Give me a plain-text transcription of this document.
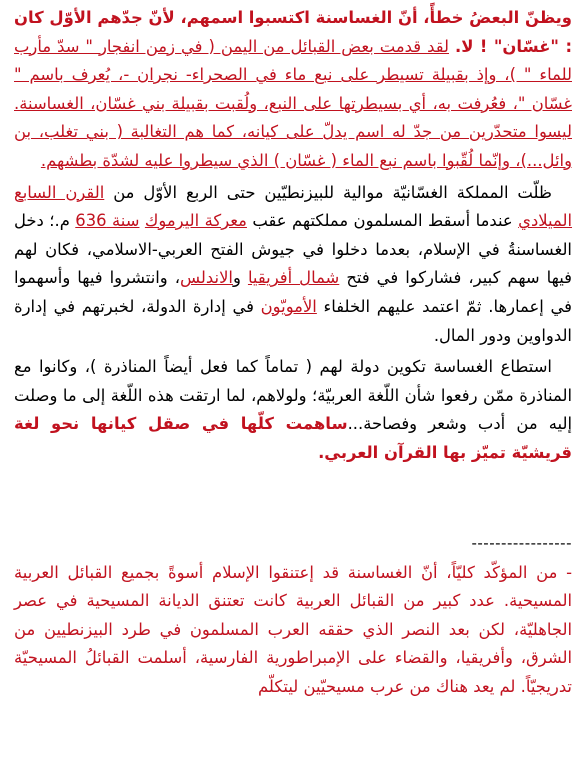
ويظنّ البعضُ خطأً، أنّ الغساسنة اكتسبوا اسمهم، لأنّ جدّهم الأوّل كان : "غسّان" ! لا. لقد قدمت بعض القبائل من اليمن ( في زمن انفجار " سدّ مأرب للماء " )، وإذ بقبيلة تسيطر على نبع ماء في الصحراء- نجران -، يُعرف باسم " غسّان "، فعُرفت به، أي بسيطرتها على النبع، ولُقبت بقبيلة بني غسّان، الغساسنة. ليسوا متحدّرين من جدّ له اسم يدلّ على كيانه، كما هم التغالبة ( بني تغلب، بن وائل...)، وإنّما لُقّبوا باسم نبع الماء ( غسّان ) الذي سيطروا عليه لشدّة بطشهم.

ظلّت المملكة الغسّانيّة موالية للبيزنطيّين حتى الربع الأوّل من القرن السابع الميلادي عندما أسقط المسلمون مملكتهم عقب معركة اليرموك سنة 636 م.؛ دخل الغساسنةُ في الإسلام، بعدما دخلوا في جيوش الفتح العربي-الاسلامي، فكان لهم فيها سهم كبير، فشاركوا في فتح شمال أفريقيا والاندلس، وانتشروا فيها وأسهموا في إعمارها. ثمّ اعتمد عليهم الخلفاء الأمويّون في إدارة الدولة، لخبرتهم في إدارة الدواوين ودور المال.

استطاع الغساسة تكوين دولة لهم ( تماماً كما فعل أيضاً المناذرة )، وكانوا مع المناذرة ممّن رفعوا شأن اللّغة العربيّة؛ ولولاهم، لما ارتقت هذه اللّغة إلى ما وصلت إليه من أدب وشعر وفصاحة...ساهمت كلّها في صقل كيانها نحو لغة قريشيّة تميّز بها القرآن العربي.

-----------------

- من المؤكّد كليّاً، أنّ الغساسنة قد إعتنقوا الإسلام أسوةً بجميع القبائل العربية المسيحية. عدد كبير من القبائل العربية كانت تعتنق الديانة المسيحية في عصر الجاهليّة، لكن بعد النصر الذي حققه العرب المسلمون في طرد البيزنطيين من الشرق، وأفريقيا، والقضاء على الإمبراطورية الفارسية، أسلمت القبائلُ المسيحيّة تدريجيّاً. لم يعد هناك من عرب مسيحيّين ليتكلّم
